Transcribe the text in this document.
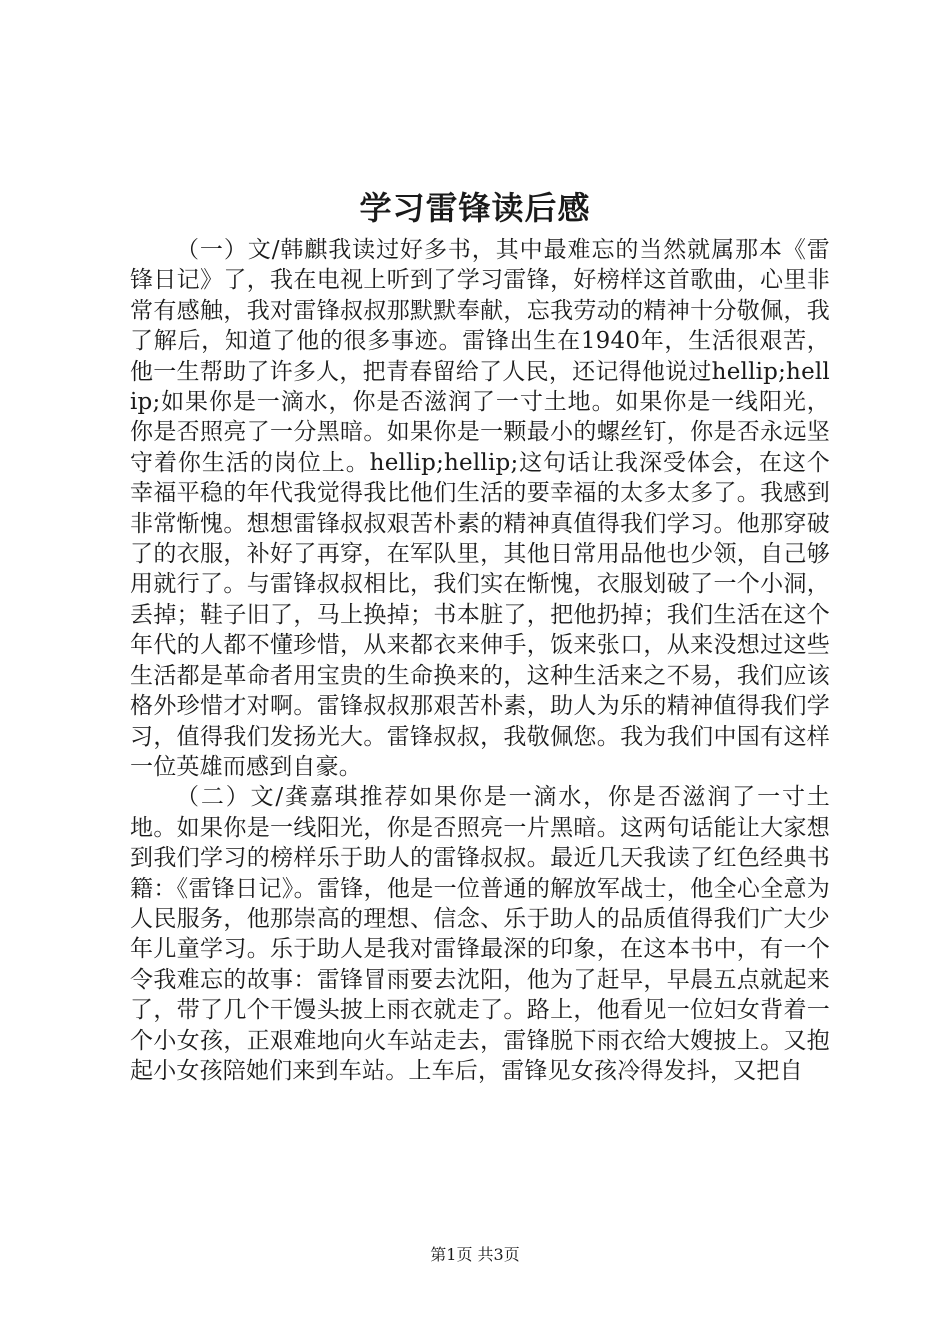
学习雷锋读后感

（一）文/韩麒我读过好多书，其中最难忘的当然就属那本《雷锋日记》了，我在电视上听到了学习雷锋，好榜样这首歌曲，心里非常有感触，我对雷锋叔叔那默默奉献，忘我劳动的精神十分敬佩，我了解后，知道了他的很多事迹。雷锋出生在1940年，生活很艰苦，他一生帮助了许多人，把青春留给了人民，还记得他说过hellip;hellip;如果你是一滴水，你是否滋润了一寸土地。如果你是一线阳光，你是否照亮了一分黑暗。如果你是一颗最小的螺丝钉，你是否永远坚守着你生活的岗位上。hellip;hellip;这句话让我深受体会，在这个幸福平稳的年代我觉得我比他们生活的要幸福的太多太多了。我感到非常惭愧。想想雷锋叔叔艰苦朴素的精神真值得我们学习。他那穿破了的衣服，补好了再穿，在军队里，其他日常用品他也少领，自己够用就行了。与雷锋叔叔相比，我们实在惭愧，衣服划破了一个小洞，丢掉；鞋子旧了，马上换掉；书本脏了，把他扔掉；我们生活在这个年代的人都不懂珍惜，从来都衣来伸手，饭来张口，从来没想过这些生活都是革命者用宝贵的生命换来的，这种生活来之不易，我们应该格外珍惜才对啊。雷锋叔叔那艰苦朴素，助人为乐的精神值得我们学习，值得我们发扬光大。雷锋叔叔，我敬佩您。我为我们中国有这样一位英雄而感到自豪。

（二）文/龚嘉琪推荐如果你是一滴水，你是否滋润了一寸土地。如果你是一线阳光，你是否照亮一片黑暗。这两句话能让大家想到我们学习的榜样乐于助人的雷锋叔叔。最近几天我读了红色经典书籍：《雷锋日记》。雷锋，他是一位普通的解放军战士，他全心全意为人民服务，他那崇高的理想、信念、乐于助人的品质值得我们广大少年儿童学习。乐于助人是我对雷锋最深的印象，在这本书中，有一个令我难忘的故事：雷锋冒雨要去沈阳，他为了赶早，早晨五点就起来了，带了几个干馒头披上雨衣就走了。路上，他看见一位妇女背着一个小女孩，正艰难地向火车站走去，雷锋脱下雨衣给大嫂披上。又抱起小女孩陪她们来到车站。上车后，雷锋见女孩冷得发抖，又把自

第1页 共3页
